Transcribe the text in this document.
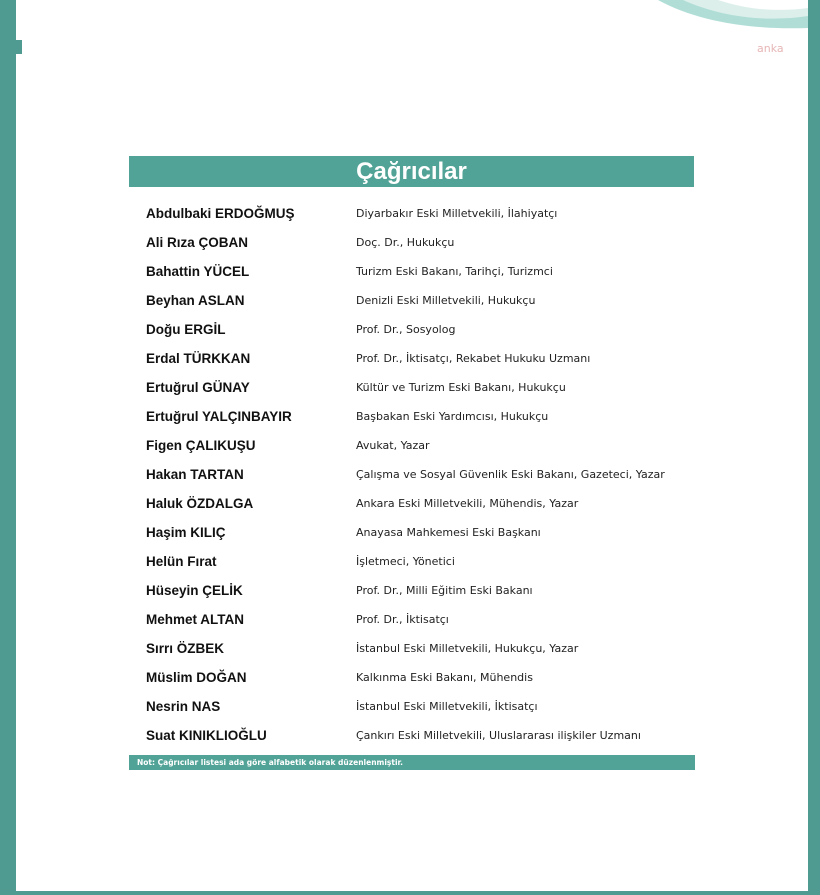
anka
Çağrıcılar
Abdulbaki ERDOĞMUŞ	Diyarbakır Eski Milletvekili, İlahiyatçı
Ali Rıza ÇOBAN	Doç. Dr., Hukukçu
Bahattin YÜCEL	Turizm Eski Bakanı, Tarihçi, Turizmci
Beyhan ASLAN	Denizli Eski Milletvekili, Hukukçu
Doğu ERGİL	Prof. Dr., Sosyolog
Erdal TÜRKKAN	Prof. Dr., İktisatçı, Rekabet Hukuku Uzmanı
Ertuğrul GÜNAY	Kültür ve Turizm Eski Bakanı, Hukukçu
Ertuğrul YALÇINBAYIR	Başbakan Eski Yardımcısı, Hukukçu
Figen ÇALIKUŞU	Avukat, Yazar
Hakan TARTAN	Çalışma ve Sosyal Güvenlik Eski Bakanı, Gazeteci, Yazar
Haluk ÖZDALGA	Ankara Eski Milletvekili, Mühendis, Yazar
Haşim KILIÇ	Anayasa Mahkemesi Eski Başkanı
Helün Fırat	İşletmeci, Yönetici
Hüseyin ÇELİK	Prof. Dr., Milli Eğitim Eski Bakanı
Mehmet ALTAN	Prof. Dr., İktisatçı
Sırrı ÖZBEK	İstanbul Eski Milletvekili, Hukukçu, Yazar
Müslim DOĞAN	Kalkınma Eski Bakanı, Mühendis
Nesrin NAS	İstanbul Eski Milletvekili, İktisatçı
Suat KINIKLIOĞLU	Çankırı Eski Milletvekili, Uluslararası ilişkiler Uzmanı
Not: Çağrıcılar listesi ada göre alfabetik olarak düzenlenmiştir.
